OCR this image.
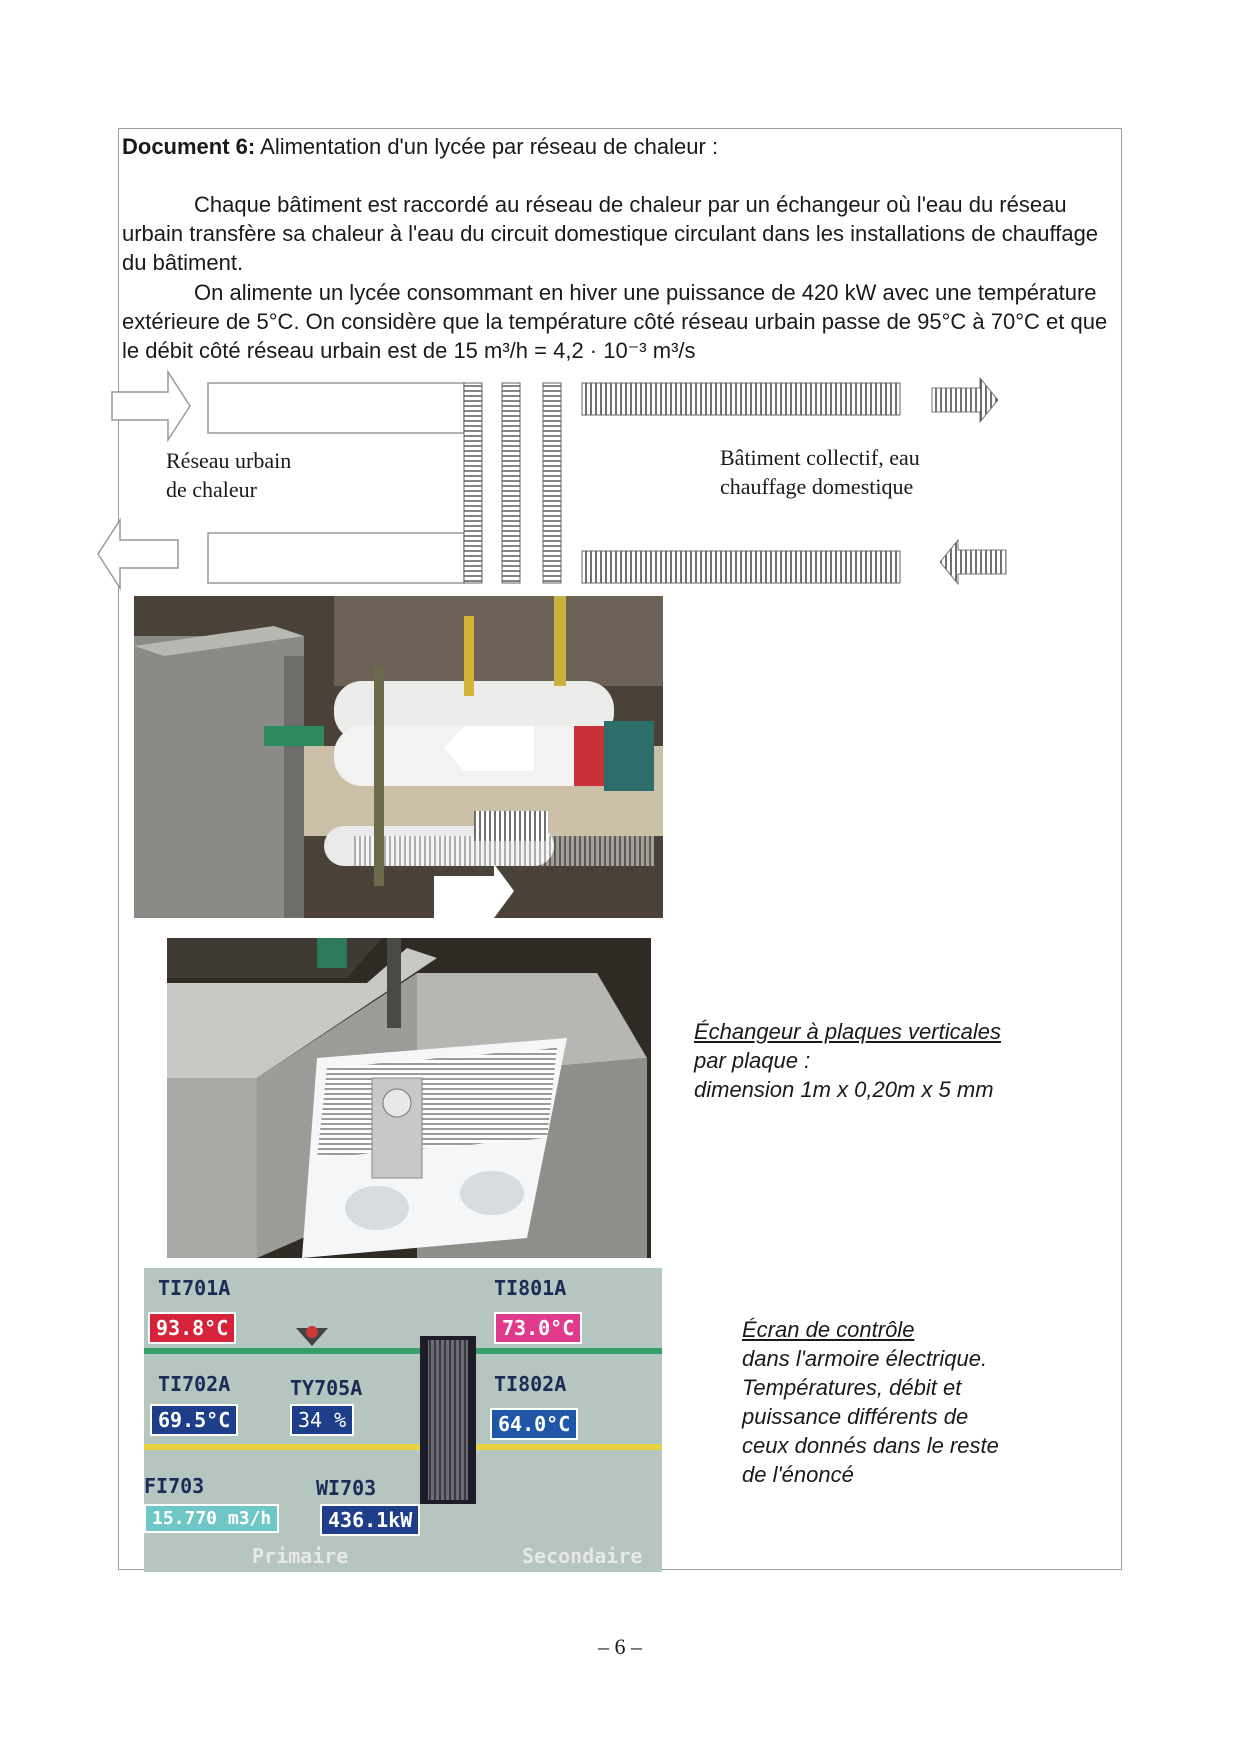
Document 6: Alimentation d'un lycée par réseau de chaleur :

Chaque bâtiment est raccordé au réseau de chaleur par un échangeur où l'eau du réseau urbain transfère sa chaleur à l'eau du circuit domestique circulant dans les installations de chauffage du bâtiment.

On alimente un lycée consommant en hiver une puissance de 420 kW avec une température extérieure de 5°C. On considère que la température côté réseau urbain passe de 95°C à 70°C et que le débit côté réseau urbain est de 15 m³/h = 4,2 · 10⁻³ m³/s

Réseau urbain
de chaleur
Bâtiment collectif, eau
chauffage domestique
Échangeur à plaques verticales
par plaque :
dimension 1m x 0,20m x 5 mm
TI701A
93.8°C
TI801A
73.0°C
TI702A
69.5°C
TY705A
34 %
TI802A
64.0°C
FI703
15.770 m3/h
WI703
436.1kW
Primaire	Secondaire
Écran de contrôle
dans l'armoire électrique.
Températures, débit et
puissance différents de
ceux donnés dans le reste
de l'énoncé
– 6 –
